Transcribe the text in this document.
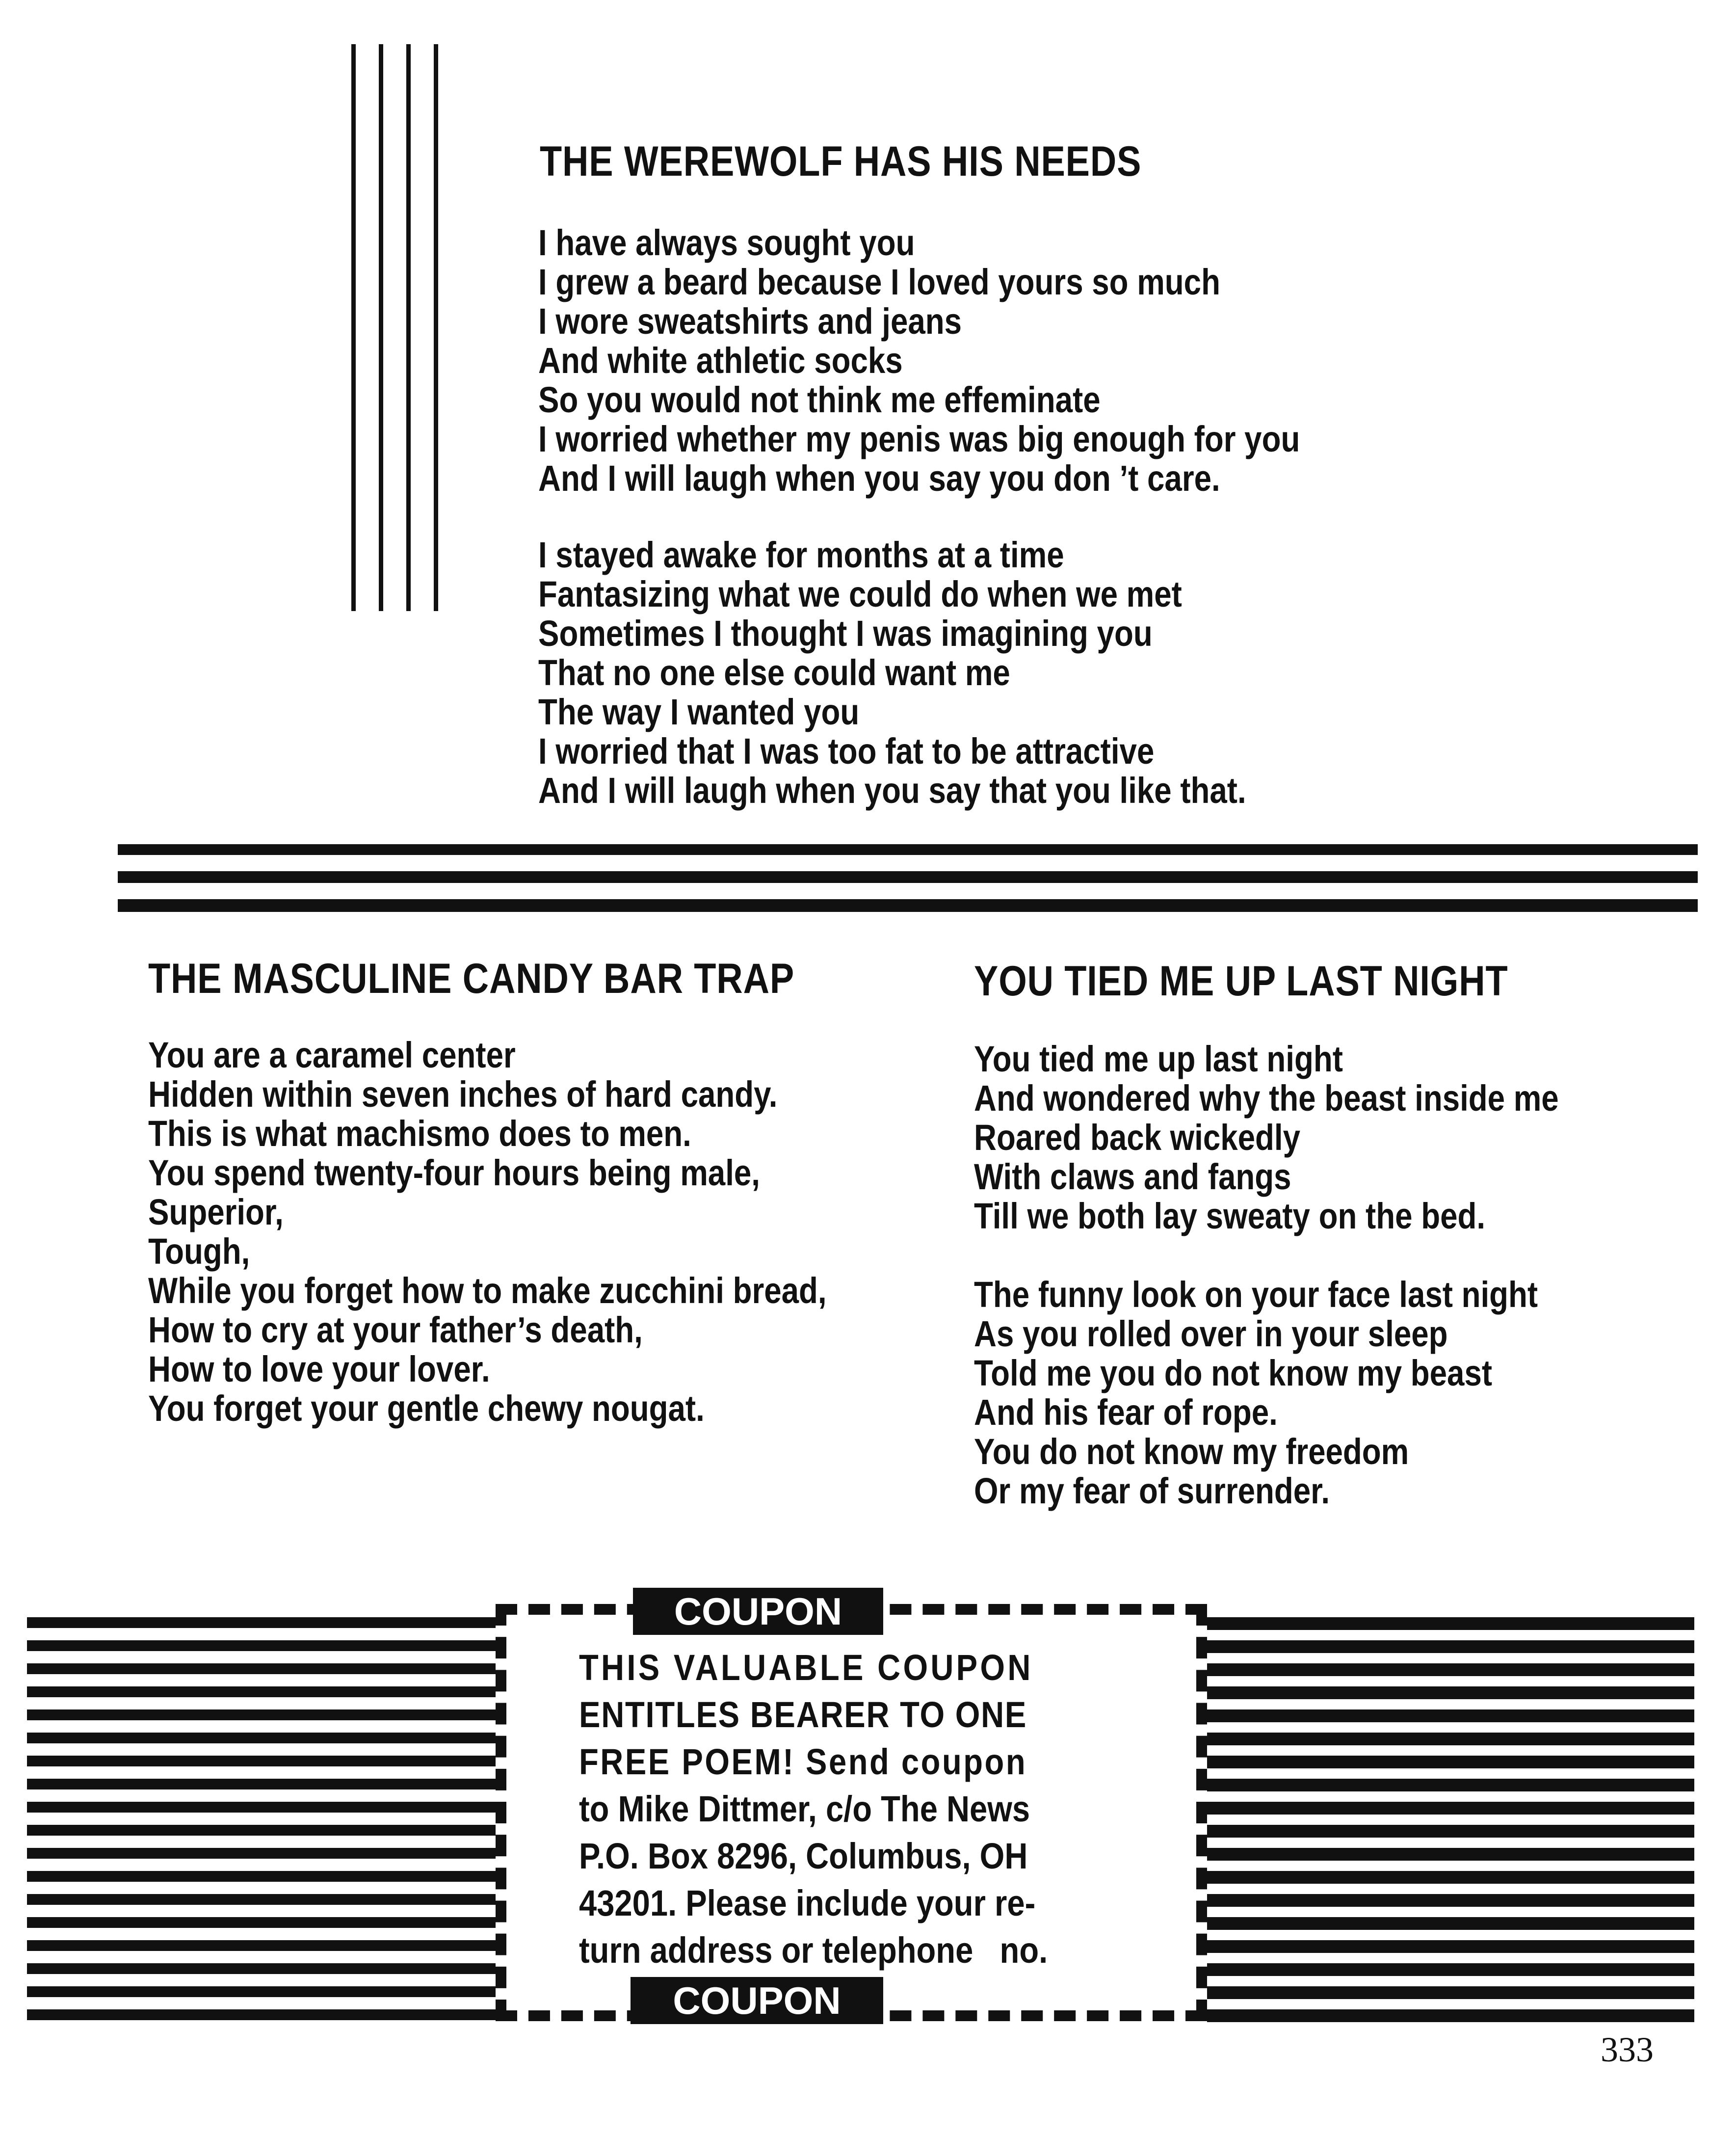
THE WEREWOLF HAS HIS NEEDS
I have always sought you
I grew a beard because I loved yours so much
I wore sweatshirts and jeans
And white athletic socks
So you would not think me effeminate
I worried whether my penis was big enough for you
And I will laugh when you say you don ’t care.
I stayed awake for months at a time
Fantasizing what we could do when we met
Sometimes I thought I was imagining you
That no one else could want me
The way I wanted you
I worried that I was too fat to be attractive
And I will laugh when you say that you like that.
THE MASCULINE CANDY BAR TRAP
You are a caramel center
Hidden within seven inches of hard candy.
This is what machismo does to men.
You spend twenty-four hours being male,
Superior,
Tough,
While you forget how to make zucchini bread,
How to cry at your father’s death,
How to love your lover.
You forget your gentle chewy nougat.
YOU TIED ME UP LAST NIGHT
You tied me up last night
And wondered why the beast inside me
Roared back wickedly
With claws and fangs
Till we both lay sweaty on the bed.
The funny look on your face last night
As you rolled over in your sleep
Told me you do not know my beast
And his fear of rope.
You do not know my freedom
Or my fear of surrender.
COUPON
COUPON
THIS VALUABLE COUPON
ENTITLES BEARER TO ONE
FREE POEM! Send coupon
to Mike Dittmer, c/o The News
P.O. Box 8296, Columbus, OH
43201. Please include your re-
turn address or telephone   no.
333
